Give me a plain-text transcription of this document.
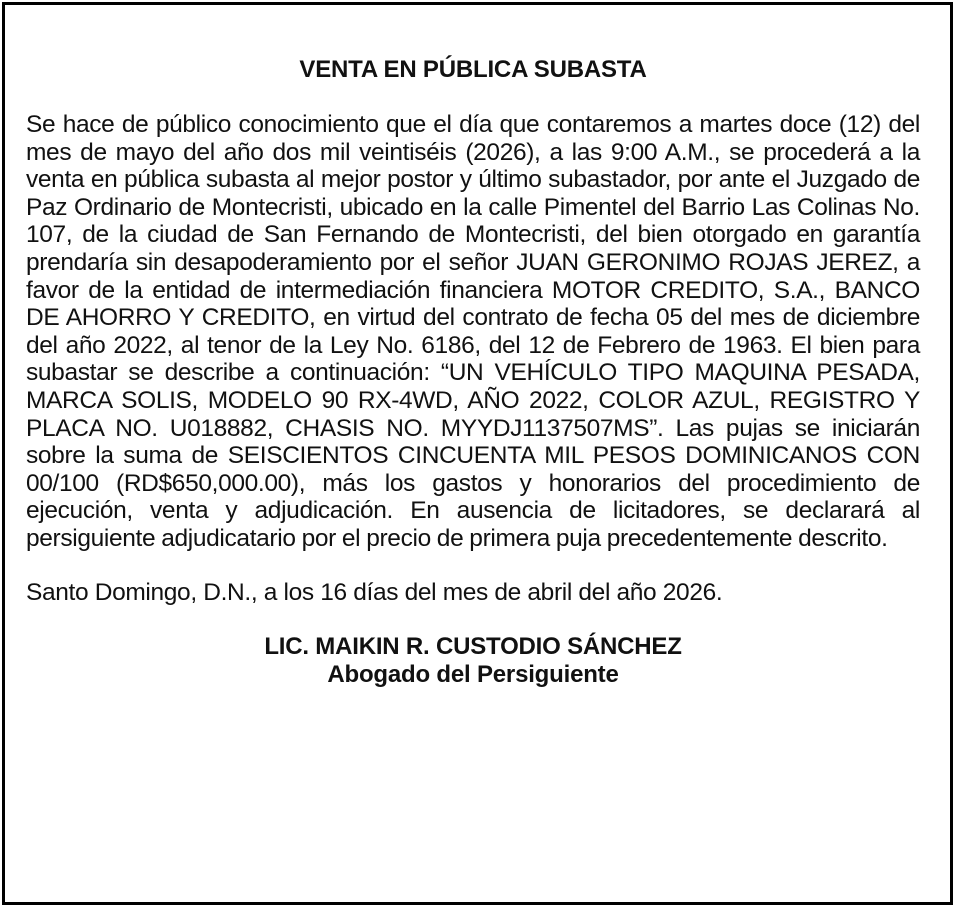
VENTA EN PÚBLICA SUBASTA

Se hace de público conocimiento que el día que contaremos a martes doce (12) del mes de mayo del año dos mil veintiséis (2026), a las 9:00 A.M., se procederá a la venta en pública subasta al mejor postor y último subastador, por ante el Juzgado de Paz Ordinario de Montecristi, ubicado en la calle Pimentel del Barrio Las Colinas No. 107, de la ciudad de San Fernando de Montecristi, del bien otorgado en garantía prendaría sin desapoderamiento por el señor JUAN GERONIMO ROJAS JEREZ, a favor de la entidad de intermediación financiera MOTOR CREDITO, S.A., BANCO DE AHORRO Y CREDITO, en virtud del contrato de fecha 05 del mes de diciembre del año 2022, al tenor de la Ley No. 6186, del 12 de Febrero de 1963. El bien para subastar se describe a continuación: “UN VEHÍCULO TIPO MAQUINA PESADA, MARCA SOLIS, MODELO 90 RX-4WD, AÑO 2022, COLOR AZUL, REGISTRO Y PLACA NO. U018882, CHASIS NO. MYYDJ1137507MS”. Las pujas se iniciarán sobre la suma de SEISCIENTOS CINCUENTA MIL PESOS DOMINICANOS CON 00/100 (RD$650,000.00), más los gastos y honorarios del procedimiento de ejecución, venta y adjudicación. En ausencia de licitadores, se declarará al persiguiente adjudicatario por el precio de primera puja precedentemente descrito.

Santo Domingo, D.N., a los 16 días del mes de abril del año 2026.

LIC. MAIKIN R. CUSTODIO SÁNCHEZ
Abogado del Persiguiente
